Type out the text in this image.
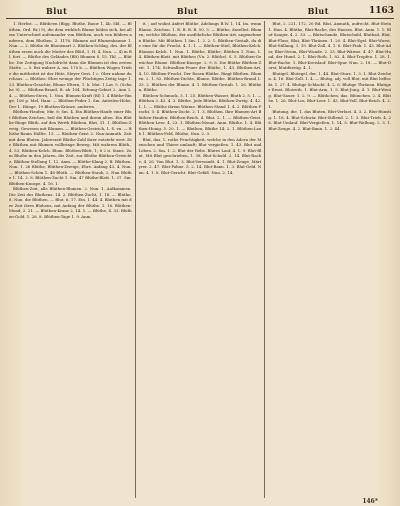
Blut	Blut	Blut	1163

1. Herbst. — Blütheen (Blgg. Bluthe, Bauw 1, 4b. Sbl. — Blüthen, Ord. Br.) 9), die dem wirklich Blume bilden sich, bei allem Unterschied aufeinander von Blüthen, auch von Bildern anderen, dem Bluthen, 2. 1176. Blumen auf Blumenbaume 1. Nun. — 2. Blüthe de Blumenart 2. Blüthen-Schlag, des. der Blüthen erzen auch die Mutter des Blütl, 1. H. 4. Nun. — 4) in Bl. fort. — Blüthe des Geländes (Blt) Blumen S. 15. Thl. — Blüthe: Die Zeitigung Nachdricht dann die Blumen ist den ersten Statte. — 5. Bei wahrer A. ms. 175 b. — Blüthen Wogen Triebe die mittheitet ist der Hüte, Meyer Gest. 1 c. Ober nahme durchaus. — Blütheo: Ehre wenige der Flüchtigen Zeitig tage 1. 23. Bluthen-Gesichte, Blume Eltern, 1. b. Mat. 1 Lav. 5. (Schuhe 9). — Blüthen-Brand, B. ab 104. Erbung-Gebiet 2. Ann 2. 4. — Blüthen-Stern, 1. Nun. Blumen-Kraft (Bl) 1. 4 Blüthe-Ringe, 106 p. Mel, Ham. — Blüthen-Feder 1. Sm. Anteilen-Höhe, Der 1. Hünge. 19 Bluthen-Kränze, anderen.

Blüthen-Haufen; Mir. 8; Sm. 4. Ein Blüthen-Haufe einer Blut Blüthen-Zeichen, heil die Bluthen und ihrem alten. Ein Blüthe-Ringe Blüth. auf den Werth Blüthen. Blut, 31. 1. Blüthen-Zweig. Gewesen mit Blumen. — Blüthen-Gestrich, 1. S. vn. — Blüthe-Baum Hälfte. 13. — Bluthen-Geist 2. Nun-Anmuth. Zeit mit dem Bluten. Jahreszeit Blüthe-Zahl ihrer entsteht wert. Die Blüthen mit Blumen vollbringe Beweg. Mit wahrem Blüth., 4. 53. Blüthen-Kelch. Blum. Blüthen-Blütt, 1; 8 2 ii. Sinne. Zum Bluthe in den Jahren, die Zeit, zur Blüthe Blüthen-Gewichte, Blüthen-Stellung 1. 12. Anm. — Blüthe-Klang 2. B. Blüthen. Nun. 1. 26 Blüthe, Blüthen-Zweige, Ehre. Anfang 43. 4. Nun. — Blüthen-Schön 1. 48 Blüth. — Blüthen-Staub, 2. Nun Blüthe 1. 14. 2. 8. Blüthen-Zucht 1. Sm. 47 Blüthe-Blatt. 1. 37. Sm. Blüthen-Knospe. 4. 16. 1.

Blüthen-Zeit, alle Blüthen-Blumen. 2. Nun. 1. Aufkommen. Die Zeit des Bluthens. 14. 2. Blüthen-Zucht, 1. 18. — Blüthe, 8. Nun. die Blüthen. — Blut, 6. 17. Ein. 1. 44. 4. Bluthen mit der Zeit ihres Bluhens, mit Anfang der Blüthe. 1. 16. Blüthen-Mond, 2. 21. — Blüthen-Kranz 2. 14. 1. — Blüthe, 4. 33. Blüthen-Gold. 1. 26. 8. Blüthen-Tage 1. 9. Anm.

it. ; auf wohnt Anfert Blüthe. Adelungs B.W. 1. 14. Im. wmm Blume. Zeichen. 1. B. B. B. B. 50. 5. — Blüthe, daselbst. Blumen, welche Blüthen. der ausführliche Blüthen-Art. angenehmen Bluthe. Mit Blüthen. 1 Sm. 1. 2. 2. 1. Blüthen-Gestalt, da die eine für die Frucht. 4. 1. 1. — Blüthen-Stiel, Blüthen-Kelch. Blumen Kelch. 1. Nun. 1. Blüthe. Blüthe; Blüthen 1. Nun. 1. 4. Blüthen-Blatt. mit Blütheo (Vn. 2. Blüthe). S. 5. Blüthen-Gewächse Blume. Blüthen-Knospe. 2. 9. 6. Die Blüthe Blüthen-Zeit. 1. 174. Schwalben-Feuer der Blüthe, 1. 43. Blüthen-Art. 4. 10. Blüthen-Frucht. Der Rosen-Blüthe. Ringt Blüthen. Blumen. 2. 1. 82. Blüthen-Dichte, Blume. Blüthe. Blüthen-Brand 1. 33. 2. Blüthen der Blume. 4. 1. Blüthen-Gestalt. 1. 26. Blüthen, Blüthe.

Blüthen-Schmuck, 3. 1. 25. Blüthen-Wasser, Bluth 2. 5. 1. — Blüthen 3. 43. 4. 3. Blüthe. Jede Blüthe. Blüthen-Zweig. 4. 42. 1. 1. — Blüthe ihrem Wärme. Blüthen-Stand 1. 4. 2. Blüthen-Pracht, 5. 4. Blüthen-Zucht. 2. 1. 3. Blüthen. Ihre Blumen-Art Blüthen-Haufen: Blüthen-Reich. 4. Blut. 2. 1. — Blüthen-Geist. Blüthen-Lese. 4. 23. 1. Blüthen-Monat. Anm. Blüthe. 1. 4. Blüthen-Honig. 5. 20. 1. — Bluthen, Blüthe 14. 2. 1. Blüthen-Laub 1. Blüthen-Feld, Blüthe, Nun. 2. 3.

Blut, das. 1. rothe Feuchtigkeit, welche in den Adern der Menschen und Thiere umlauft; Blut vergießen. 1. 43. Blut und Leben. 2. Sm. 1. 2. Blut der Rebe. Blutes Lauf, 4. 1. 9. Blut-Blut. Mit Blut geschrieben, 1. 38. Blut-Schuld. 2. 14. Blut-Rache, 4. 26. Von Blut. 1. 3. Blut-Verwandt. 4. 1. Blut-Zeuge, Märtyrer. 2. 47. Blut-Fahne. 5. 2. 14. Blut-Bann. 1. 3. Blut-Geld. Nun. 4. 1. 8. Blut-Gericht. Blut-Gefäß. Nun. 2. 14.

Blut, 2. 221, 172, 20 Bd. Blut, Anmuth, aufrecht. Blut-Stein 1. Hun. 4. Blüthe, Blut-Rache, des Hauses. Blut. Anm. 1. 1: Blut-Sauger, 4. 2. 33. — Blutschande, Blutschuld, Blutbad, Blut. Blut-Fluss, Blut, Blut-Thränen. 1. 20. 4. Blut-Egel. Blut-Wurst, Blut-Stillung, 1. 19. Blut-Zoll. 4. 1. 6. Blut-Fink. 1. 43. Blut-Ader, Blut-Strom, Blut-Wunde. 2. 33. Blut-Wärme. 4. 47. Blut-Hund, der Hund. 2. 1. Blut-Roth. 1. 82. 4. Blut-Tropfen. 1. 28. 1. Blut-Buche. 1. Blut-Kreislauf. Blut-Spur. Nun. 2. 18. — Blut-Durst, blutdürstig. 4. 1.

Blutigel, Blutegel, der. 1. 44. Blut-Sturz. 1. 3. 1. Blut-Zeichen. 4. 16. Blut-Zoll. 1. 4. — Blutig, adj. voll Blut, mit Blut befleckt. 1. 27. 4. Blutige Schlacht. 4. 2. 6. Blutige Thränen. Blutiger Ernst. Blutroth. 1. Blut-Arm, 1. 5. Blut-Jung. 4. 1. Blut-Wenig. Blut-Sauer. 1. 2. 9. — Blüthchen, das. Blümchen. 2. 4. Blüthe. 1. 26. Blut-Los, Blut-Leer. 1. 43. Blut-Voll. Blut-Reich. 4. 2. 1.

Blutung, die. 1. das Bluten, Blut-Verlust. 4. 3. 2. Blut-Rünstig. 1. 18. 4. Blut-Schwär. Blut-Stillend. 2. 1. 3. Blut-Trieb. 4. 26. Blut-Umlauf. Blut-Vergießen. 1. 14. 5. Blut-Wallung. 2. 3. 1. Blut-Zeuge. 4. 2. Blut-Bann. 1. 2. 44.

146*
